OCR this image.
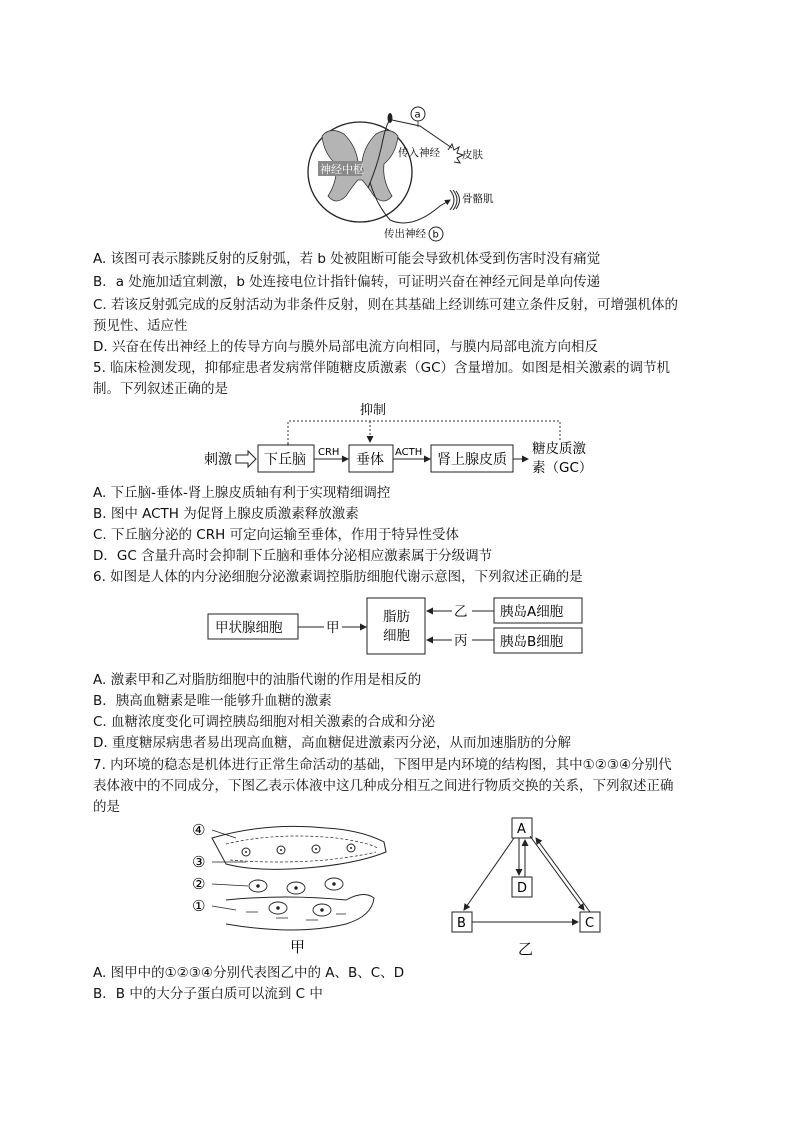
神经中枢
a
传入神经 皮肤
骨骼肌
传出神经 b
A. 该图可表示膝跳反射的反射弧，若 b 处被阻断可能会导致机体受到伤害时没有痛觉
B．a 处施加适宜刺激，b 处连接电位计指针偏转，可证明兴奋在神经元间是单向传递
C. 若该反射弧完成的反射活动为非条件反射，则在其基础上经训练可建立条件反射，可增强机体的
预见性、适应性
D. 兴奋在传出神经上的传导方向与膜外局部电流方向相同，与膜内局部电流方向相反
5. 临床检测发现，抑郁症患者发病常伴随糖皮质激素（GC）含量增加。如图是相关激素的调节机
制。下列叙述正确的是
抑制
刺激 下丘脑 CRH 垂体 ACTH 肾上腺皮质
糖皮质激
素（GC）
A. 下丘脑-垂体-肾上腺皮质轴有利于实现精细调控
B. 图中 ACTH 为促肾上腺皮质激素释放激素
C. 下丘脑分泌的 CRH 可定向运输至垂体，作用于特异性受体
D．GC 含量升高时会抑制下丘脑和垂体分泌相应激素属于分级调节
6. 如图是人体的内分泌细胞分泌激素调控脂肪细胞代谢示意图，下列叙述正确的是
甲状腺细胞	甲
脂肪
细胞
乙
丙
胰岛A细胞
胰岛B细胞
A. 激素甲和乙对脂肪细胞中的油脂代谢的作用是相反的
B．胰高血糖素是唯一能够升血糖的激素
C. 血糖浓度变化可调控胰岛细胞对相关激素的合成和分泌
D. 重度糖尿病患者易出现高血糖，高血糖促进激素丙分泌，从而加速脂肪的分解
7. 内环境的稳态是机体进行正常生命活动的基础，下图甲是内环境的结构图，其中①②③④分别代
表体液中的不同成分，下图乙表示体液中这几种成分相互之间进行物质交换的关系，下列叙述正确
的是
④
③
②
①
甲
A
D
B	C
乙
A. 图甲中的①②③④分别代表图乙中的 A、B、C、D
B．B 中的大分子蛋白质可以流到 C 中
